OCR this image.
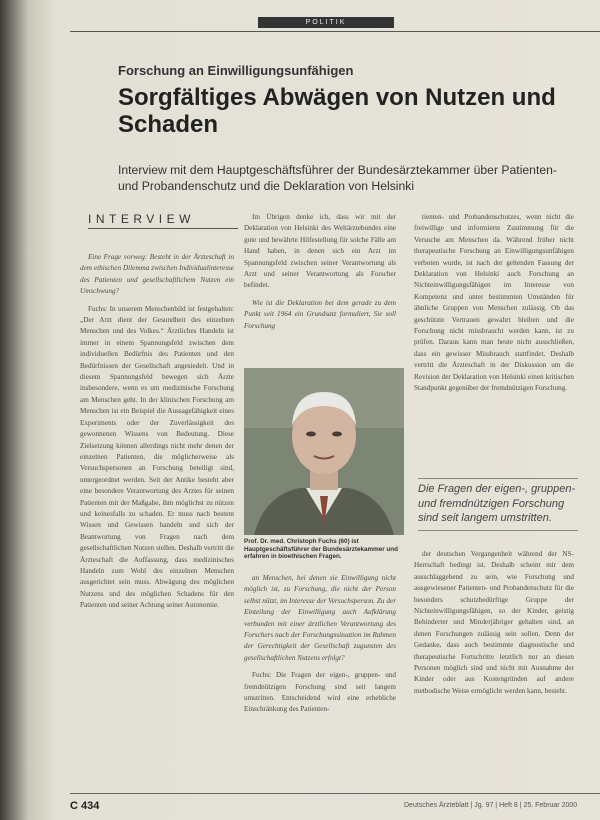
POLITIK
Forschung an Einwilligungsunfähigen
Sorgfältiges Abwägen von Nutzen und Schaden
Interview mit dem Hauptgeschäftsführer der Bundesärztekammer über Patienten- und Probandenschutz und die Deklaration von Helsinki
INTERVIEW

Eine Frage vorweg: Besteht in der Ärzteschaft in dem ethischen Dilemma zwischen Individualinteresse des Patienten und gesellschaftlichem Nutzen ein Umschwung?

Fuchs: In unserem Menschenbild ist festgehalten: „Der Arzt dient der Gesundheit des einzelnen Menschen und des Volkes.“ Ärztliches Handeln ist immer in einem Spannungsfeld zwischen dem individuellen Bedürfnis des Patienten und den Bedürfnissen der Gesellschaft angesiedelt. Und in diesem Spannungsfeld bewegen sich Ärzte insbesondere, wenn es um medizinische Forschung am Menschen geht. In der klinischen Forschung am Menschen ist ein Beispiel die Aussagefähigkeit eines Experiments oder der Zuverlässigkeit des gewonnenen Wissens von Bedeutung. Diese Zielsetzung können allerdings nicht mehr denen der einzelnen Patienten, die möglicherweise als Versuchspersonen an Forschung beteiligt sind, untergeordnet werden. Seit der Antike besteht aber eine besondere Verantwortung des Arztes für seinen Patienten mit der Maßgabe, ihm möglichst zu nützen und keinesfalls zu schaden. Er muss nach bestem Wissen und Gewissen handeln und sich der Beantwortung von Fragen nach dem gesellschaftlichen Nutzen stellen. Deshalb vertritt die Ärzteschaft die Auffassung, dass medizinisches Handeln zum Wohl des einzelnen Menschen ausgerichtet sein muss. Abwägung des möglichen Nutzens und des möglichen Schadens für den Patienten und seiner Achtung seiner Autonomie.

Im Übrigen denke ich, dass wir mit der Deklaration von Helsinki des Weltärztebundes eine gute und bewährte Hilfestellung für solche Fälle am Hand haben, in denen sich ein Arzt im Spannungsfeld zwischen seiner Verantwortung als Arzt und seiner Verantwortung als Forscher befindet.

Wie ist die Deklaration bei dem gerade zu dem Punkt seit 1964 ein Grundsatz formuliert, Sie soll Forschung

Prof. Dr. med. Christoph Fuchs (60) ist Hauptgeschäftsführer der Bundesärztekammer und erfahren in bioethischen Fragen.

an Menschen, bei denen sie Einwilligung nicht möglich ist, zu Forschung, die nicht der Person selbst nützt, im Interesse der Versuchsperson. Zu der Einteilung der Einwilligung auch Aufklärung verbunden mit einer ärztlichen Verantwortung des Forschers nach der Forschungssituation im Rahmen der Gerechtigkeit der Gesellschaft zugunsten des gesellschaftlichen Nutzens erfolgt?

Fuchs: Die Fragen der eigen-, gruppen- und fremdnützigen Forschung sind seit langem umstritten. Entscheidend wird eine erhebliche Einschränkung des Patienten-

tienten- und Probandenschutzes, wenn nicht die freiwillige und informierte Zustimmung für die Versuche am Menschen da. Während früher nicht therapeutische Forschung an Einwilligungsunfähigen verboten wurde, ist nach der geltenden Fassung der Deklaration von Helsinki auch Forschung an Nichteinwilligungsfähigen im Interesse von Kompetenz und unter bestimmten Umständen für ähnliche Gruppen von Menschen zulässig. Ob das geschützte Vertrauen gewahrt bleiben und die Forschung nicht missbraucht werden kann, ist zu prüfen. Daraus kann man heute nicht ausschließen, dass ein gewisser Missbrauch stattfindet. Deshalb vertritt die Ärzteschaft in der Diskussion um die Revision der Deklaration von Helsinki einen kritischen Standpunkt gegenüber der fremdnützigen Forschung.

Die Fragen der eigen-, gruppen- und fremdnützigen Forschung sind seit langem umstritten.

der deutschen Vergangenheit während der NS-Herrschaft bedingt ist. Deshalb scheint mir dem ausschlaggebend zu sein, wie Forschung und ausgewiesener Patienten- und Probandenschutz für die besonders schutzbedürftige Gruppe der Nichteinwilligungsfähigen, so der Kinder, geistig Behinderter und Minderjähriger gehalten sind, an denen Forschungen zulässig sein sollen. Denn der Gedanke, dass auch bestimmte diagnostische und therapeutische Fortschritte letztlich nur an diesen Personen möglich sind und nicht mit Ausnahme der Kinder oder aus Kostengründen auf andere methodische Weise ermöglicht werden kann, besteht.

C 434	Deutsches Ärzteblatt | Jg. 97 | Heft 8 | 25. Februar 2000
